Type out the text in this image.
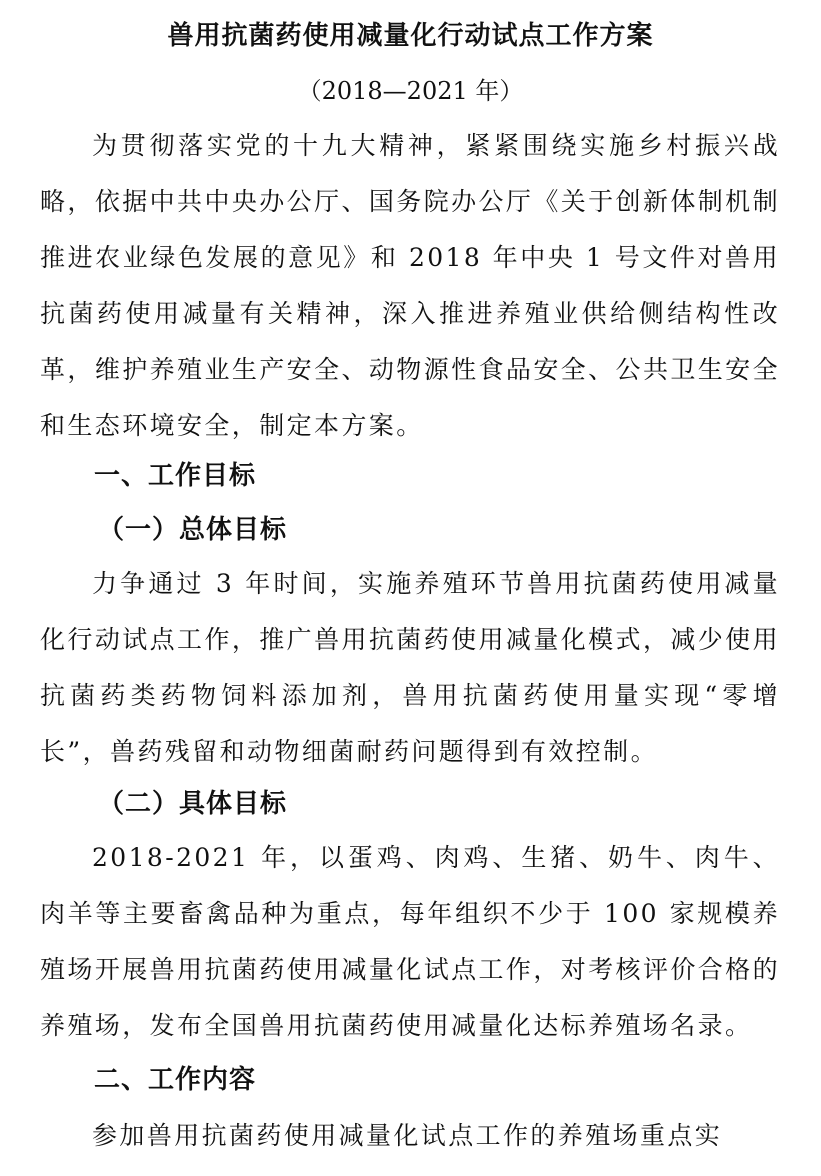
兽用抗菌药使用减量化行动试点工作方案
（2018—2021 年）
为贯彻落实党的十九大精神，紧紧围绕实施乡村振兴战略，依据中共中央办公厅、国务院办公厅《关于创新体制机制推进农业绿色发展的意见》和 2018 年中央 1 号文件对兽用抗菌药使用减量有关精神，深入推进养殖业供给侧结构性改革，维护养殖业生产安全、动物源性食品安全、公共卫生安全和生态环境安全，制定本方案。
一、工作目标
（一）总体目标
力争通过 3 年时间，实施养殖环节兽用抗菌药使用减量化行动试点工作，推广兽用抗菌药使用减量化模式，减少使用抗菌药类药物饲料添加剂，兽用抗菌药使用量实现“零增长”，兽药残留和动物细菌耐药问题得到有效控制。
（二）具体目标
2018-2021 年，以蛋鸡、肉鸡、生猪、奶牛、肉牛、肉羊等主要畜禽品种为重点，每年组织不少于 100 家规模养殖场开展兽用抗菌药使用减量化试点工作，对考核评价合格的养殖场，发布全国兽用抗菌药使用减量化达标养殖场名录。
二、工作内容
参加兽用抗菌药使用减量化试点工作的养殖场重点实
